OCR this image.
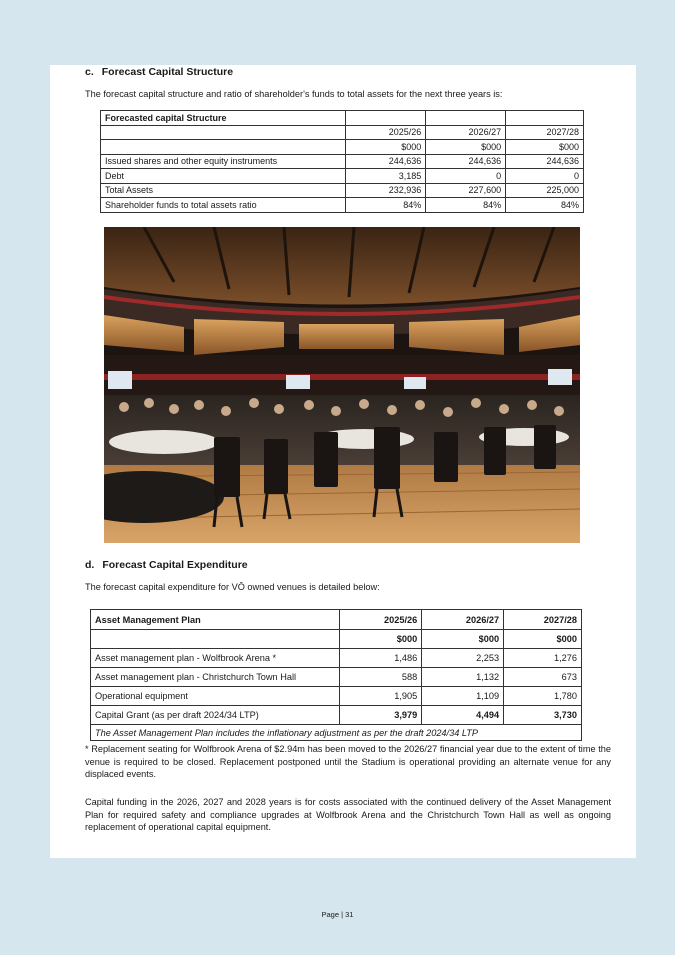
c. Forecast Capital Structure
The forecast capital structure and ratio of shareholder's funds to total assets for the next three years is:
Forecasted capital Structure			
	2025/26	2026/27	2027/28
	$000	$000	$000
Issued shares and other equity instruments	244,636	244,636	244,636
Debt	3,185	0	0
Total Assets	232,936	227,600	225,000
Shareholder funds to total assets ratio	84%	84%	84%
d. Forecast Capital Expenditure
The forecast capital expenditure for VŌ owned venues is detailed below:
Asset Management Plan	2025/26	2026/27	2027/28
	$000	$000	$000
Asset management plan - Wolfbrook Arena *	1,486	2,253	1,276
Asset management plan - Christchurch Town Hall	588	1,132	673
Operational equipment	1,905	1,109	1,780
Capital Grant (as per draft 2024/34 LTP)	3,979	4,494	3,730
The Asset Management Plan includes the inflationary adjustment as per the draft 2024/34 LTP			
* Replacement seating for Wolfbrook Arena of $2.94m has been moved to the 2026/27 financial year due to the extent of time the venue is required to be closed. Replacement postponed until the Stadium is operational providing an alternate venue for any displaced events.
Capital funding in the 2026, 2027 and 2028 years is for costs associated with the continued delivery of the Asset Management Plan for required safety and compliance upgrades at Wolfbrook Arena and the Christchurch Town Hall as well as ongoing replacement of operational capital equipment.
Page | 31
